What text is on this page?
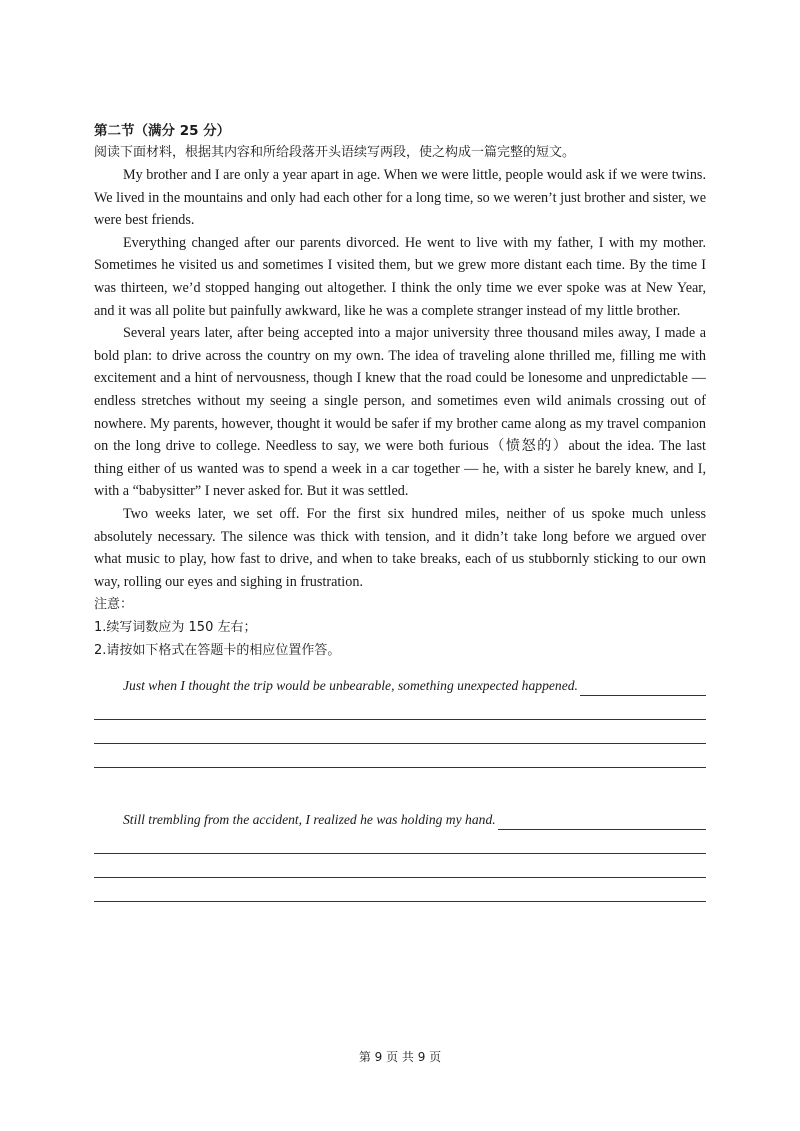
第二节（满分 25 分）

阅读下面材料，根据其内容和所给段落开头语续写两段，使之构成一篇完整的短文。

My brother and I are only a year apart in age. When we were little, people would ask if we were twins. We lived in the mountains and only had each other for a long time, so we weren’t just brother and sister, we were best friends.

Everything changed after our parents divorced. He went to live with my father, I with my mother. Sometimes he visited us and sometimes I visited them, but we grew more distant each time. By the time I was thirteen, we’d stopped hanging out altogether. I think the only time we ever spoke was at New Year, and it was all polite but painfully awkward, like he was a complete stranger instead of my little brother.

Several years later, after being accepted into a major university three thousand miles away, I made a bold plan: to drive across the country on my own. The idea of traveling alone thrilled me, filling me with excitement and a hint of nervousness, though I knew that the road could be lonesome and unpredictable — endless stretches without my seeing a single person, and sometimes even wild animals crossing out of nowhere. My parents, however, thought it would be safer if my brother came along as my travel companion on the long drive to college. Needless to say, we were both furious（愤怒的）about the idea. The last thing either of us wanted was to spend a week in a car together — he, with a sister he barely knew, and I, with a “babysitter” I never asked for. But it was settled.

Two weeks later, we set off. For the first six hundred miles, neither of us spoke much unless absolutely necessary. The silence was thick with tension, and it didn’t take long before we argued over what music to play, how fast to drive, and when to take breaks, each of us stubbornly sticking to our own way, rolling our eyes and sighing in frustration.

注意：

1.续写词数应为 150 左右；

2.请按如下格式在答题卡的相应位置作答。

Just when I thought the trip would be unbearable, something unexpected happened.
Still trembling from the accident, I realized he was holding my hand.
第 9 页 共 9 页
